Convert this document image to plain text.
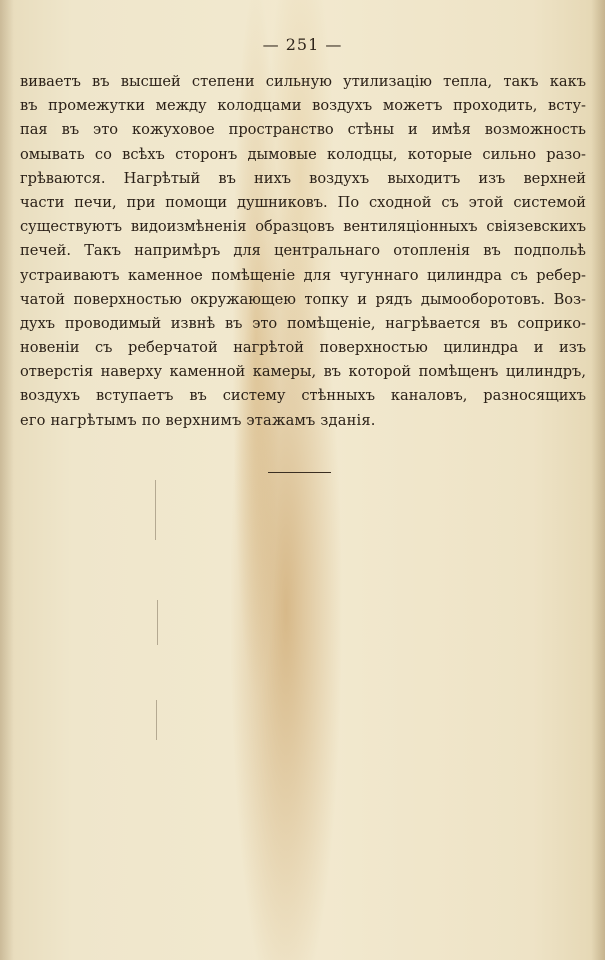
— 251 —
виваетъ въ высшей степени сильную утилизацію тепла, такъ какъ
въ промежутки между колодцами воздухъ можетъ проходить, всту-
пая въ это кожуховое пространство стѣны и имѣя возможность
омывать со всѣхъ сторонъ дымовые колодцы, которые сильно разо-
грѣваются. Нагрѣтый въ нихъ воздухъ выходитъ изъ верхней
части печи, при помощи душниковъ. По сходной съ этой системой
существуютъ видоизмѣненія образцовъ вентиляціонныхъ свіязевскихъ
печей. Такъ напримѣръ для центральнаго отопленія въ подпольѣ
устраиваютъ каменное помѣщеніе для чугуннаго цилиндра съ ребер-
чатой поверхностью окружающею топку и рядъ дымооборотовъ. Воз-
духъ проводимый извнѣ въ это помѣщеніе, нагрѣвается въ соприко-
новеніи съ реберчатой нагрѣтой поверхностью цилиндра и изъ
отверстія наверху каменной камеры, въ которой помѣщенъ цилиндръ,
воздухъ вступаетъ въ систему стѣнныхъ каналовъ, разносящихъ
его нагрѣтымъ по верхнимъ этажамъ зданія.
